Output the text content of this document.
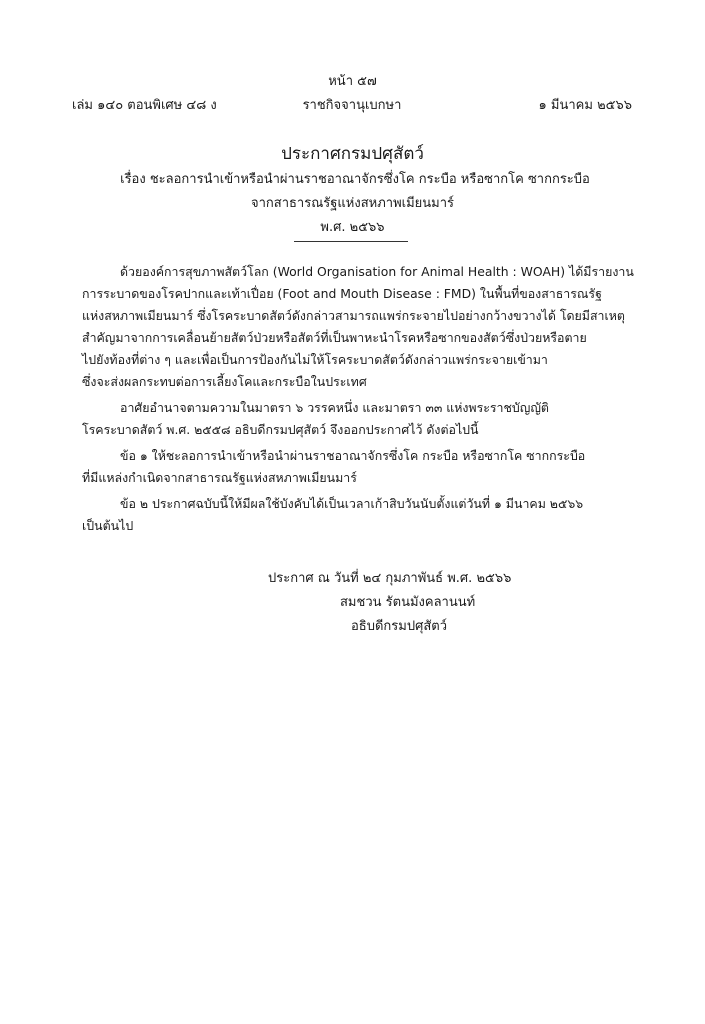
หน้า ๕๗
เล่ม ๑๔๐ ตอนพิเศษ ๔๘ ง	ราชกิจจานุเบกษา	๑ มีนาคม ๒๕๖๖
ประกาศกรมปศุสัตว์
เรื่อง ชะลอการนำเข้าหรือนำผ่านราชอาณาจักรซึ่งโค กระบือ หรือซากโค ซากกระบือ
จากสาธารณรัฐแห่งสหภาพเมียนมาร์
พ.ศ. ๒๕๖๖
ด้วยองค์การสุขภาพสัตว์โลก (World Organisation for Animal Health : WOAH) ได้มีรายงาน
การระบาดของโรคปากและเท้าเปื่อย (Foot and Mouth Disease : FMD) ในพื้นที่ของสาธารณรัฐ
แห่งสหภาพเมียนมาร์ ซึ่งโรคระบาดสัตว์ดังกล่าวสามารถแพร่กระจายไปอย่างกว้างขวางได้ โดยมีสาเหตุ
สำคัญมาจากการเคลื่อนย้ายสัตว์ป่วยหรือสัตว์ที่เป็นพาหะนำโรคหรือซากของสัตว์ซึ่งป่วยหรือตาย
ไปยังท้องที่ต่าง ๆ และเพื่อเป็นการป้องกันไม่ให้โรคระบาดสัตว์ดังกล่าวแพร่กระจายเข้ามา
ซึ่งจะส่งผลกระทบต่อการเลี้ยงโคและกระบือในประเทศ
อาศัยอำนาจตามความในมาตรา ๖ วรรคหนึ่ง และมาตรา ๓๓ แห่งพระราชบัญญัติ
โรคระบาดสัตว์ พ.ศ. ๒๕๕๘ อธิบดีกรมปศุสัตว์ จึงออกประกาศไว้ ดังต่อไปนี้
ข้อ ๑ ให้ชะลอการนำเข้าหรือนำผ่านราชอาณาจักรซึ่งโค กระบือ หรือซากโค ซากกระบือ
ที่มีแหล่งกำเนิดจากสาธารณรัฐแห่งสหภาพเมียนมาร์
ข้อ ๒ ประกาศฉบับนี้ให้มีผลใช้บังคับได้เป็นเวลาเก้าสิบวันนับตั้งแต่วันที่ ๑ มีนาคม ๒๕๖๖
เป็นต้นไป
ประกาศ ณ วันที่ ๒๔ กุมภาพันธ์ พ.ศ. ๒๕๖๖
สมชวน รัตนมังคลานนท์
อธิบดีกรมปศุสัตว์
